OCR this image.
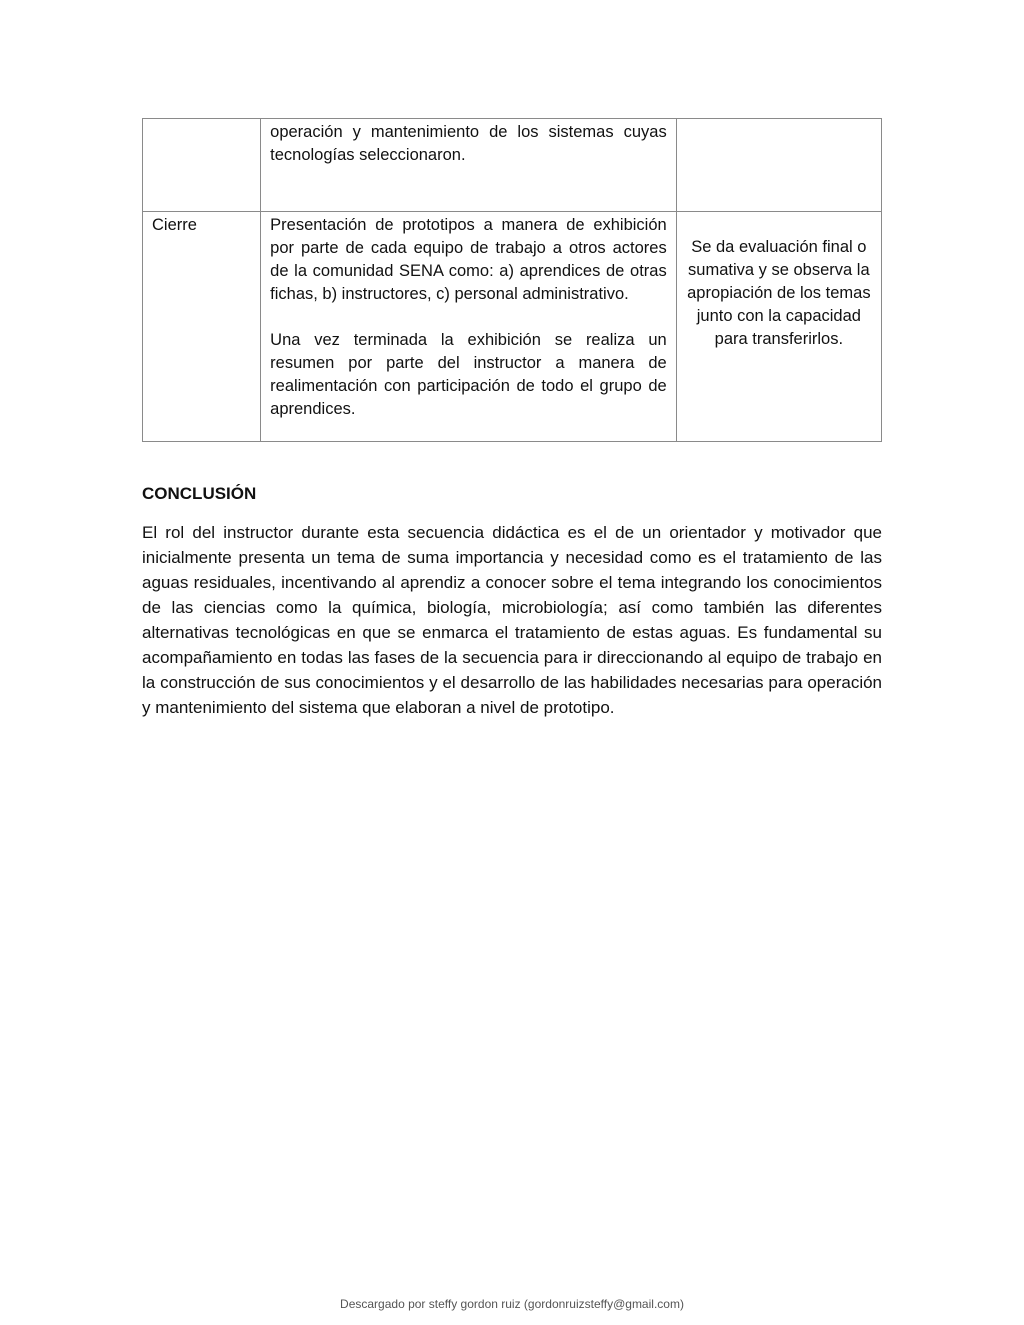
	operación y mantenimiento de los sistemas cuyas tecnologías seleccionaron.	

Cierre	Presentación de prototipos a manera de exhibición por parte de cada equipo de trabajo a otros actores de la comunidad SENA como: a) aprendices de otras fichas, b) instructores, c) personal administrativo.
Una vez terminada la exhibición se realiza un resumen por parte del instructor a manera de realimentación con participación de todo el grupo de aprendices.	Se da evaluación final o sumativa y se observa la apropiación de los temas junto con la capacidad para transferirlos.
CONCLUSIÓN

El rol del instructor durante esta secuencia didáctica es el de un orientador y motivador que inicialmente presenta un tema de suma importancia y necesidad como es el tratamiento de las aguas residuales, incentivando al aprendiz a conocer sobre el tema integrando los conocimientos de las ciencias como la química, biología, microbiología; así como también las diferentes alternativas tecnológicas en que se enmarca el tratamiento de estas aguas. Es fundamental su acompañamiento en todas las fases de la secuencia para ir direccionando al equipo de trabajo en la construcción de sus conocimientos y el desarrollo de las habilidades necesarias para operación y mantenimiento del sistema que elaboran a nivel de prototipo.

Descargado por steffy gordon ruiz (gordonruizsteffy@gmail.com)
